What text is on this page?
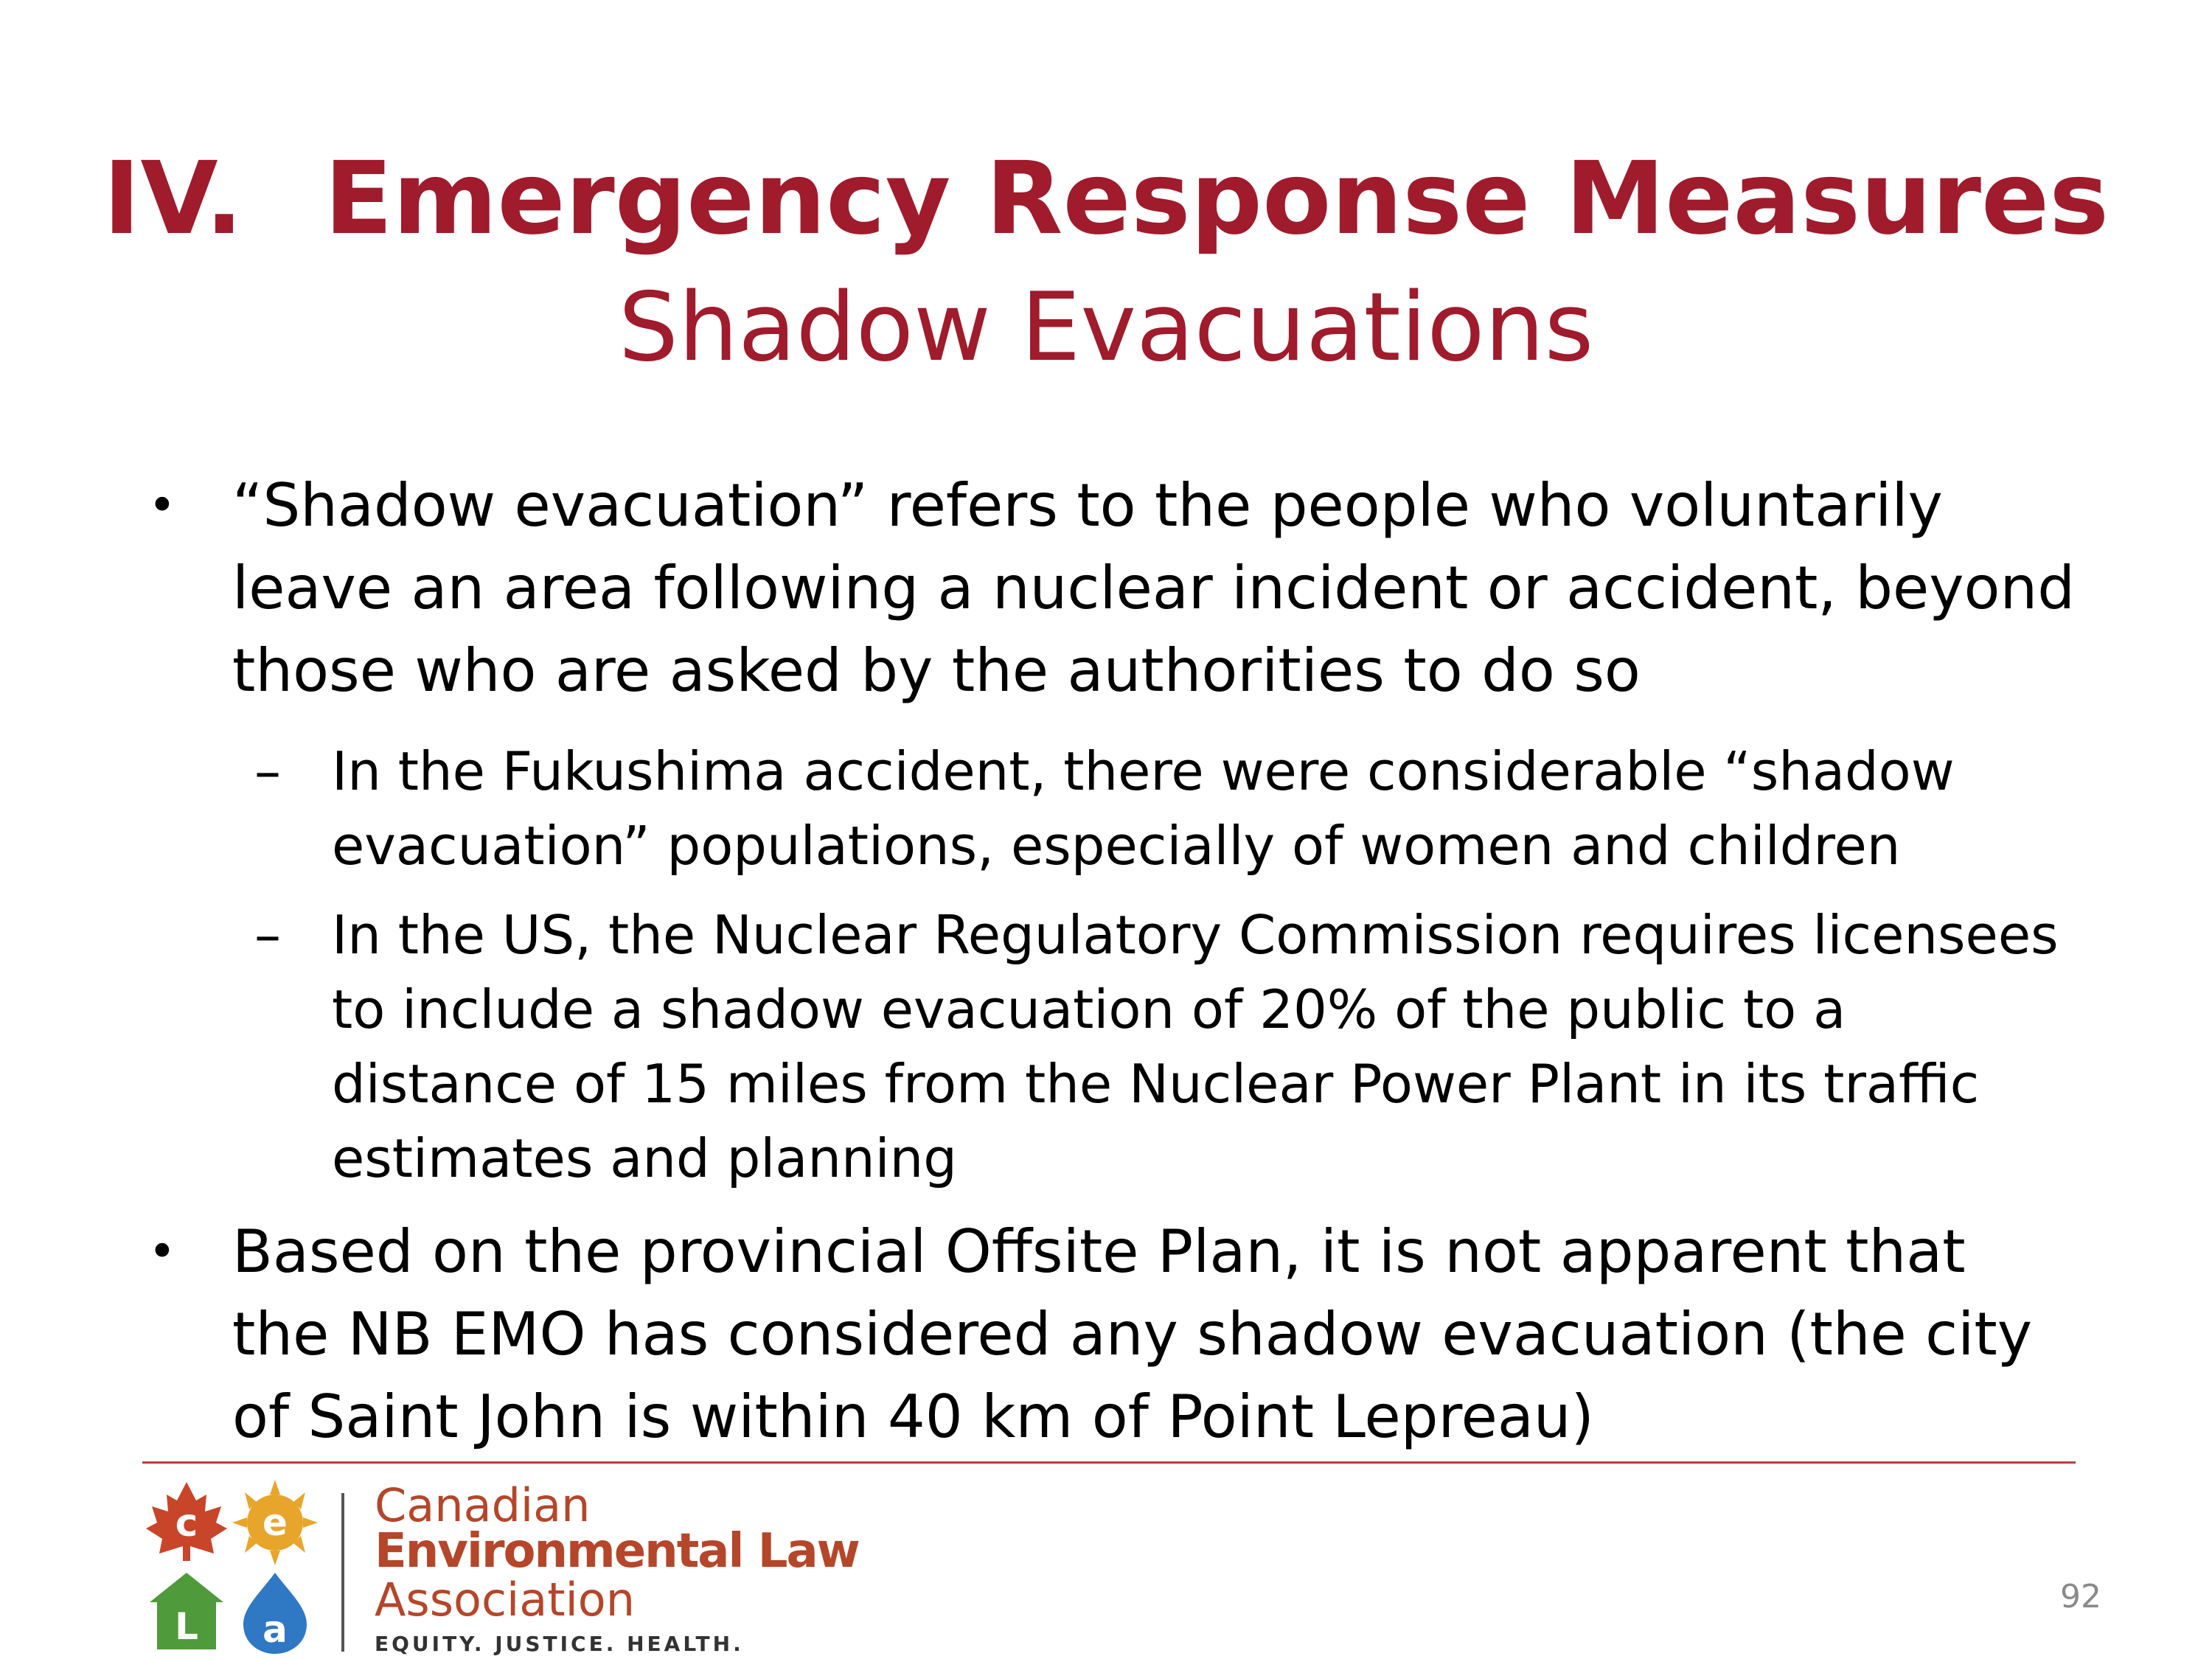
IV. Emergency Response Measures
Shadow Evacuations
• “Shadow evacuation” refers to the people who voluntarily leave an area following a nuclear incident or accident, beyond those who are asked by the authorities to do so
– In the Fukushima accident, there were considerable “shadow evacuation” populations, especially of women and children
– In the US, the Nuclear Regulatory Commission requires licensees to include a shadow evacuation of 20% of the public to a distance of 15 miles from the Nuclear Power Plant in its traffic estimates and planning
• Based on the provincial Offsite Plan, it is not apparent that the NB EMO has considered any shadow evacuation (the city of Saint John is within 40 km of Point Lepreau)
c e
L a
Canadian
Environmental Law
Association
EQUITY. JUSTICE. HEALTH.
92
